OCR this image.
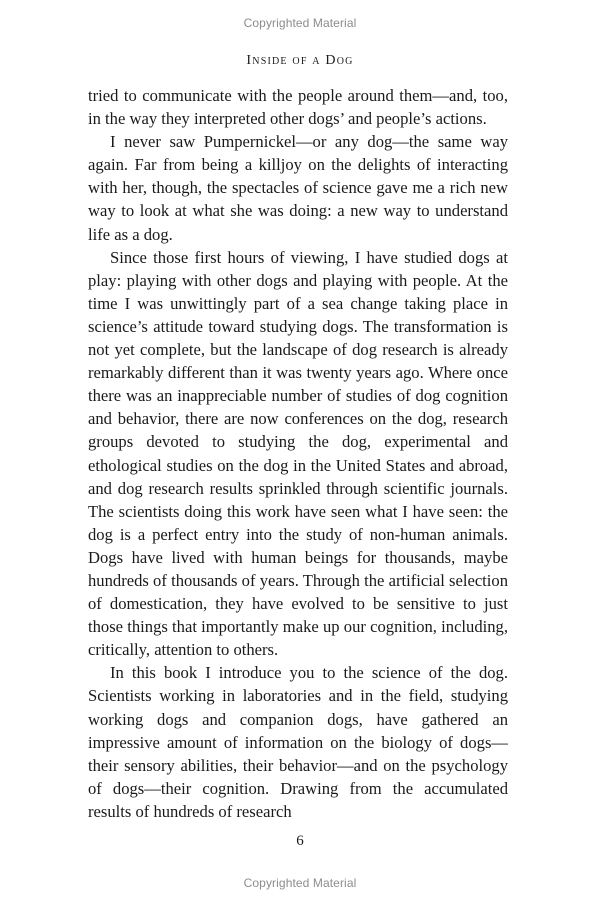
Copyrighted Material
Inside of a Dog

tried to communicate with the people around them—and, too, in the way they interpreted other dogs’ and people’s actions.

I never saw Pumpernickel—or any dog—the same way again. Far from being a killjoy on the delights of interacting with her, though, the spectacles of science gave me a rich new way to look at what she was doing: a new way to understand life as a dog.

Since those first hours of viewing, I have studied dogs at play: playing with other dogs and playing with people. At the time I was unwittingly part of a sea change taking place in science’s attitude toward studying dogs. The transformation is not yet complete, but the landscape of dog research is already remarkably different than it was twenty years ago. Where once there was an inappreciable number of studies of dog cognition and behavior, there are now conferences on the dog, research groups devoted to studying the dog, experimental and ethological studies on the dog in the United States and abroad, and dog research results sprinkled through scientific journals. The scientists doing this work have seen what I have seen: the dog is a perfect entry into the study of non-human animals. Dogs have lived with human beings for thousands, maybe hundreds of thousands of years. Through the artificial selection of domestication, they have evolved to be sensitive to just those things that importantly make up our cognition, including, critically, attention to others.

In this book I introduce you to the science of the dog. Scientists working in laboratories and in the field, studying working dogs and companion dogs, have gathered an impressive amount of information on the biology of dogs—their sensory abilities, their behavior—and on the psychology of dogs—their cognition. Drawing from the accumulated results of hundreds of research

6
Copyrighted Material
